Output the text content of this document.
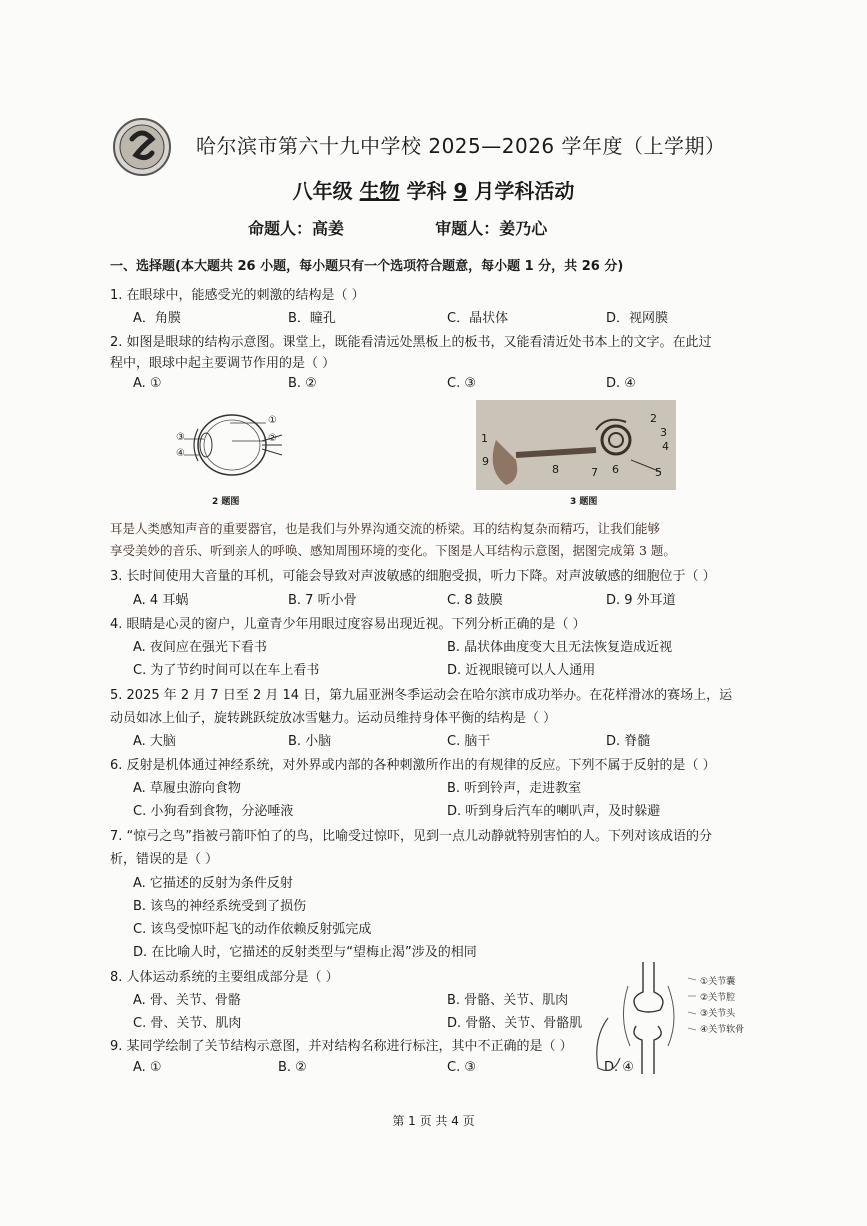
哈尔滨市第六十九中学校 2025—2026 学年度（上学期）
八年级 生物 学科 9 月学科活动
命题人：高姜	审题人：姜乃心
一、选择题(本大题共 26 小题，每小题只有一个选项符合题意，每小题 1 分，共 26 分)
1. 在眼球中，能感受光的刺激的结构是（ ）
A．角膜	B．瞳孔	C．晶状体	D．视网膜
2. 如图是眼球的结构示意图。课堂上，既能看清远处黑板上的板书，又能看清近处书本上的文字。在此过
程中，眼球中起主要调节作用的是（ ）
A. ①	B. ②	C. ③	D. ④
①
②
③
④
2 题图
1
2
3
4
5
6
7
8
9
3 题图
耳是人类感知声音的重要器官，也是我们与外界沟通交流的桥梁。耳的结构复杂而精巧，让我们能够
享受美妙的音乐、听到亲人的呼唤、感知周围环境的变化。下图是人耳结构示意图，据图完成第 3 题。
3. 长时间使用大音量的耳机，可能会导致对声波敏感的细胞受损，听力下降。对声波敏感的细胞位于（ ）
A. 4 耳蜗	B. 7 听小骨	C. 8 鼓膜	D. 9 外耳道
4. 眼睛是心灵的窗户，儿童青少年用眼过度容易出现近视。下列分析正确的是（ ）
A. 夜间应在强光下看书	B. 晶状体曲度变大且无法恢复造成近视
C. 为了节约时间可以在车上看书	D. 近视眼镜可以人人通用
5. 2025 年 2 月 7 日至 2 月 14 日，第九届亚洲冬季运动会在哈尔滨市成功举办。在花样滑冰的赛场上，运
动员如冰上仙子，旋转跳跃绽放冰雪魅力。运动员维持身体平衡的结构是（ ）
A. 大脑	B. 小脑	C. 脑干	D. 脊髓
6. 反射是机体通过神经系统，对外界或内部的各种刺激所作出的有规律的反应。下列不属于反射的是（ ）
A. 草履虫游向食物	B. 听到铃声，走进教室
C. 小狗看到食物，分泌唾液	D. 听到身后汽车的喇叭声，及时躲避
7. “惊弓之鸟”指被弓箭吓怕了的鸟，比喻受过惊吓，见到一点儿动静就特别害怕的人。下列对该成语的分
析，错误的是（ ）
A. 它描述的反射为条件反射
B. 该鸟的神经系统受到了损伤
C. 该鸟受惊吓起飞的动作依赖反射弧完成
D. 在比喻人时，它描述的反射类型与“望梅止渴”涉及的相同
8. 人体运动系统的主要组成部分是（ ）
A. 骨、关节、骨骼	B. 骨骼、关节、肌肉
C. 骨、关节、肌肉	D. 骨骼、关节、骨骼肌
9. 某同学绘制了关节结构示意图，并对结构名称进行标注，其中不正确的是（ ）
A. ①	B. ②	C. ③	D. ④
①关节囊
②关节腔
③关节头
④关节软骨
第 1 页 共 4 页
